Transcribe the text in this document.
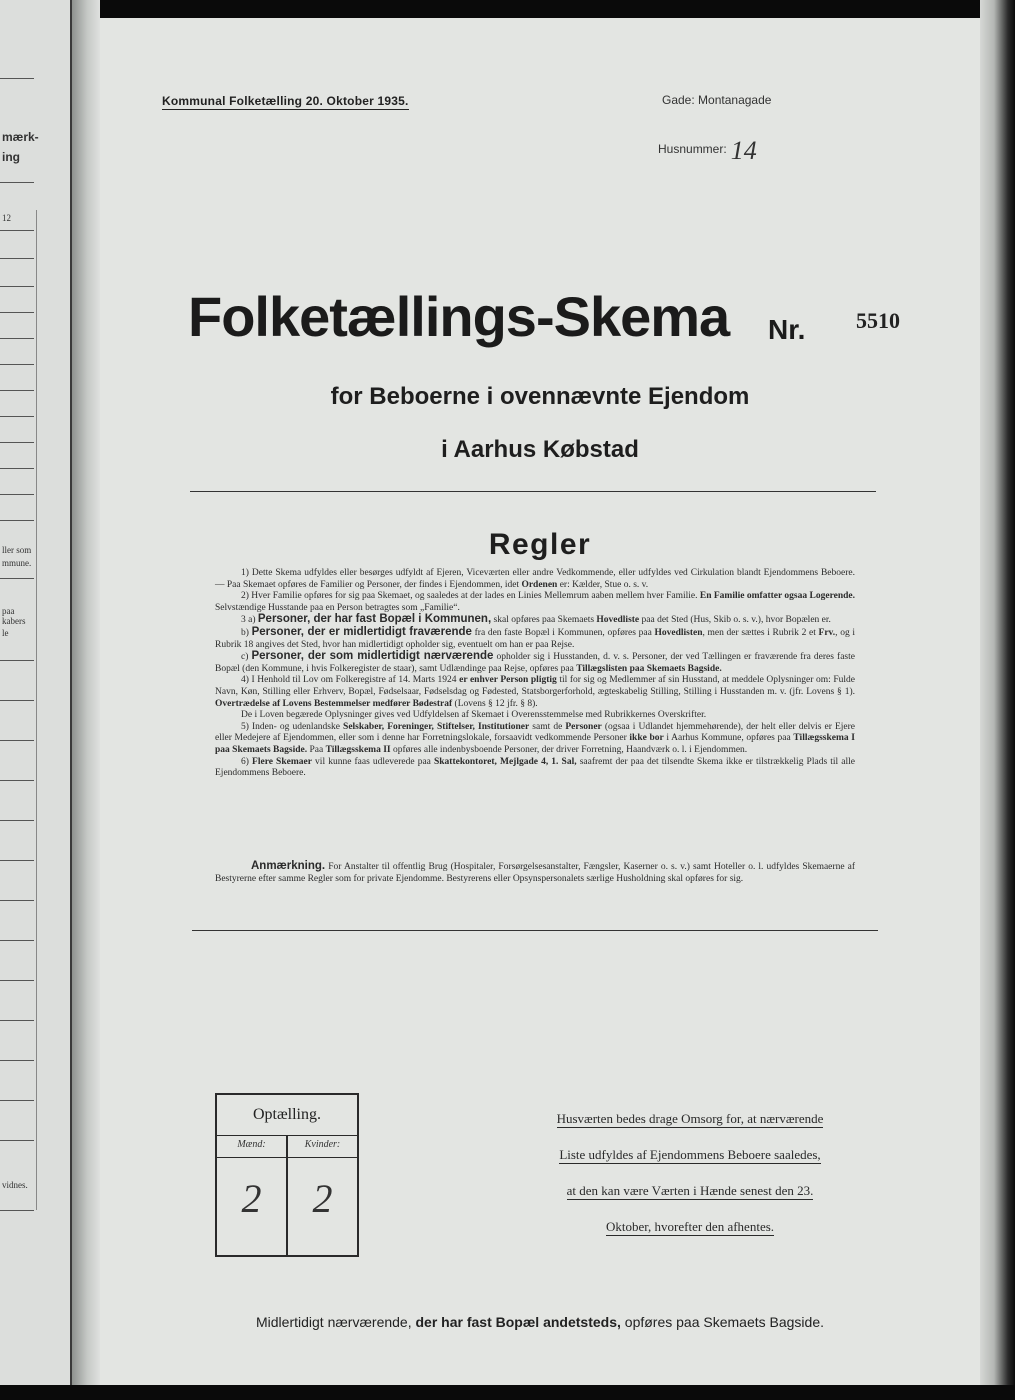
mærk-
ing
12
ller som
mmune.
paa
kabers
le
vidnes.
Kommunal Folketælling 20. Oktober 1935.	Gade: Montanagade
Husnummer: 14
Folketællings-Skema Nr. 5510
for Beboerne i ovennævnte Ejendom
i Aarhus Købstad
Regler

1) Dette Skema udfyldes eller besørges udfyldt af Ejeren, Viceværten eller andre Vedkommende, eller udfyldes ved Cirkulation blandt Ejendommens Beboere. — Paa Skemaet opføres de Familier og Personer, der findes i Ejendommen, idet Ordenen er: Kælder, Stue o. s. v.

2) Hver Familie opføres for sig paa Skemaet, og saaledes at der lades en Linies Mellemrum aaben mellem hver Familie. En Familie omfatter ogsaa Logerende. Selvstændige Husstande paa en Person betragtes som „Familie“.

3 a) Personer, der har fast Bopæl i Kommunen, skal opføres paa Skemaets Hovedliste paa det Sted (Hus, Skib o. s. v.), hvor Bopælen er.

b) Personer, der er midlertidigt fraværende fra den faste Bopæl i Kommunen, opføres paa Hovedlisten, men der sættes i Rubrik 2 et Frv., og i Rubrik 18 angives det Sted, hvor han midlertidigt opholder sig, eventuelt om han er paa Rejse.

c) Personer, der som midlertidigt nærværende opholder sig i Husstanden, d. v. s. Personer, der ved Tællingen er fraværende fra deres faste Bopæl (den Kommune, i hvis Folkeregister de staar), samt Udlændinge paa Rejse, opføres paa Tillægslisten paa Skemaets Bagside.

4) I Henhold til Lov om Folkeregistre af 14. Marts 1924 er enhver Person pligtig til for sig og Medlemmer af sin Husstand, at meddele Oplysninger om: Fulde Navn, Køn, Stilling eller Erhverv, Bopæl, Fødselsaar, Fødselsdag og Fødested, Statsborgerforhold, ægteskabelig Stilling, Stilling i Husstanden m. v. (jfr. Lovens § 1). Overtrædelse af Lovens Bestemmelser medfører Bødestraf (Lovens § 12 jfr. § 8).

De i Loven begærede Oplysninger gives ved Udfyldelsen af Skemaet i Overensstemmelse med Rubrikkernes Overskrifter.

5) Inden- og udenlandske Selskaber, Foreninger, Stiftelser, Institutioner samt de Personer (ogsaa i Udlandet hjemmehørende), der helt eller delvis er Ejere eller Medejere af Ejendommen, eller som i denne har Forretningslokale, forsaavidt vedkommende Personer ikke bor i Aarhus Kommune, opføres paa Tillægsskema I paa Skemaets Bagside. Paa Tillægsskema II opføres alle indenbysboende Personer, der driver Forretning, Haandværk o. l. i Ejendommen.

6) Flere Skemaer vil kunne faas udleverede paa Skattekontoret, Mejlgade 4, 1. Sal, saafremt der paa det tilsendte Skema ikke er tilstrækkelig Plads til alle Ejendommens Beboere.

Anmærkning. For Anstalter til offentlig Brug (Hospitaler, Forsørgelsesanstalter, Fængsler, Kaserner o. s. v.) samt Hoteller o. l. udfyldes Skemaerne af Bestyrerne efter samme Regler som for private Ejendomme. Bestyrerens eller Opsynspersonalets særlige Husholdning skal opføres for sig.
Optælling.
Mænd:	Kvinder:
2	2
Husværten bedes drage Omsorg for, at nærværende
Liste udfyldes af Ejendommens Beboere saaledes,
at den kan være Værten i Hænde senest den 23.
Oktober, hvorefter den afhentes.
Midlertidigt nærværende, der har fast Bopæl andetsteds, opføres paa Skemaets Bagside.
